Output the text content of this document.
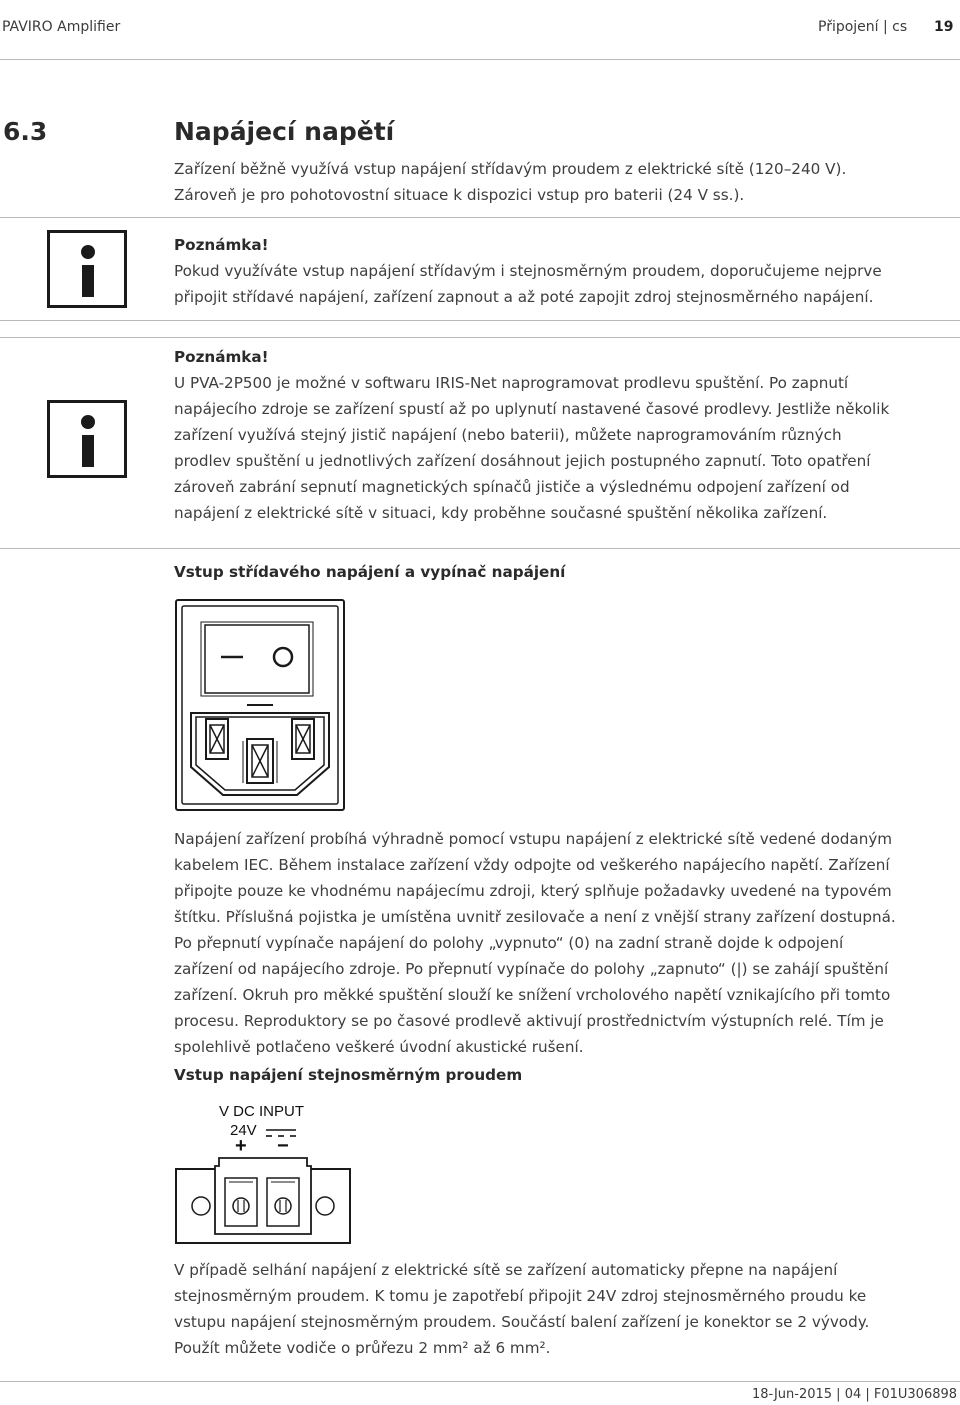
PAVIRO Amplifier	Připojení | cs 19
6.3	Napájecí napětí
Zařízení běžně využívá vstup napájení střídavým proudem z elektrické sítě (120–240 V).
Zároveň je pro pohotovostní situace k dispozici vstup pro baterii (24 V ss.).
Poznámka!
Pokud využíváte vstup napájení střídavým i stejnosměrným proudem, doporučujeme nejprve
připojit střídavé napájení, zařízení zapnout a až poté zapojit zdroj stejnosměrného napájení.
Poznámka!
U PVA-2P500 je možné v softwaru IRIS-Net naprogramovat prodlevu spuštění. Po zapnutí
napájecího zdroje se zařízení spustí až po uplynutí nastavené časové prodlevy. Jestliže několik
zařízení využívá stejný jistič napájení (nebo baterii), můžete naprogramováním různých
prodlev spuštění u jednotlivých zařízení dosáhnout jejich postupného zapnutí. Toto opatření
zároveň zabrání sepnutí magnetických spínačů jističe a výslednému odpojení zařízení od
napájení z elektrické sítě v situaci, kdy proběhne současné spuštění několika zařízení.
Vstup střídavého napájení a vypínač napájení
Napájení zařízení probíhá výhradně pomocí vstupu napájení z elektrické sítě vedené dodaným
kabelem IEC. Během instalace zařízení vždy odpojte od veškerého napájecího napětí. Zařízení
připojte pouze ke vhodnému napájecímu zdroji, který splňuje požadavky uvedené na typovém
štítku. Příslušná pojistka je umístěna uvnitř zesilovače a není z vnější strany zařízení dostupná.
Po přepnutí vypínače napájení do polohy „vypnuto“ (0) na zadní straně dojde k odpojení
zařízení od napájecího zdroje. Po přepnutí vypínače do polohy „zapnuto“ (|) se zahájí spuštění
zařízení. Okruh pro měkké spuštění slouží ke snížení vrcholového napětí vznikajícího při tomto
procesu. Reproduktory se po časové prodlevě aktivují prostřednictvím výstupních relé. Tím je
spolehlivě potlačeno veškeré úvodní akustické rušení.
Vstup napájení stejnosměrným proudem
V DC INPUT
24V
+ −
V případě selhání napájení z elektrické sítě se zařízení automaticky přepne na napájení
stejnosměrným proudem. K tomu je zapotřebí připojit 24V zdroj stejnosměrného proudu ke
vstupu napájení stejnosměrným proudem. Součástí balení zařízení je konektor se 2 vývody.
Použít můžete vodiče o průřezu 2 mm² až 6 mm².
18-Jun-2015 | 04 | F01U306898
